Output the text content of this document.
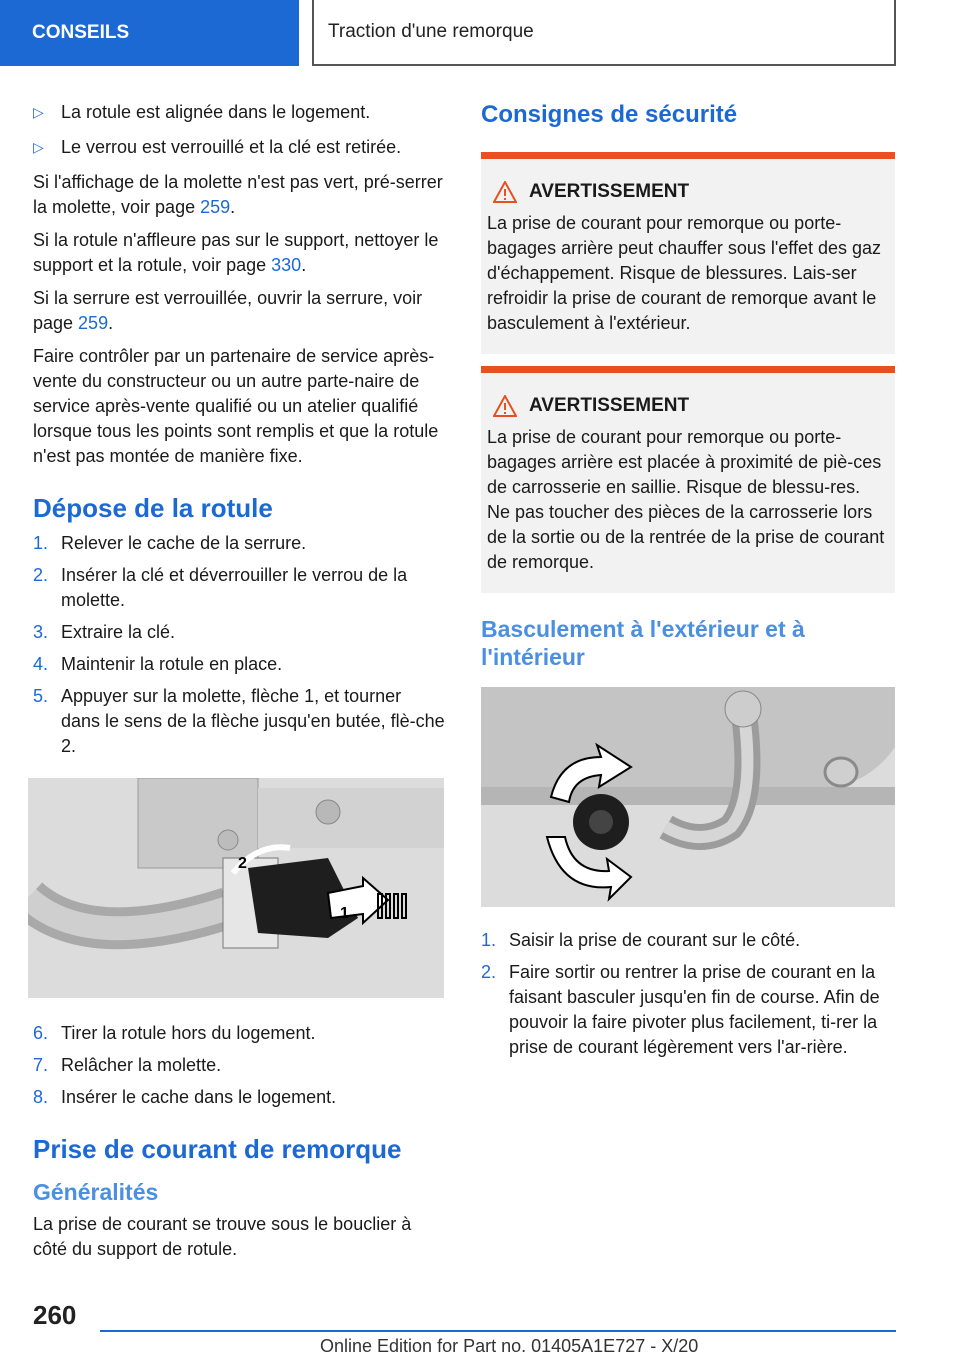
CONSEILS	Traction d'une remorque
▷ La rotule est alignée dans le logement.
▷ Le verrou est verrouillé et la clé est retirée.

Si l'affichage de la molette n'est pas vert, pré-serrer la molette, voir page 259.

Si la rotule n'affleure pas sur le support, nettoyer le support et la rotule, voir page 330.

Si la serrure est verrouillée, ouvrir la serrure, voir page 259.

Faire contrôler par un partenaire de service après-vente du constructeur ou un autre parte-naire de service après-vente qualifié ou un atelier qualifié lorsque tous les points sont remplis et que la rotule n'est pas montée de manière fixe.

Dépose de la rotule
1. Relever le cache de la serrure.
2. Insérer la clé et déverrouiller le verrou de la molette.
3. Extraire la clé.
4. Maintenir la rotule en place.
5. Appuyer sur la molette, flèche 1, et tourner dans le sens de la flèche jusqu'en butée, flè-che 2.
1
2
6. Tirer la rotule hors du logement.
7. Relâcher la molette.
8. Insérer le cache dans le logement.
Prise de courant de remorque
Généralités

La prise de courant se trouve sous le bouclier à côté du support de rotule.

Consignes de sécurité
AVERTISSEMENT

La prise de courant pour remorque ou porte-bagages arrière peut chauffer sous l'effet des gaz d'échappement. Risque de blessures. Lais-ser refroidir la prise de courant de remorque avant le basculement à l'extérieur.

AVERTISSEMENT

La prise de courant pour remorque ou porte-bagages arrière est placée à proximité de piè-ces de carrosserie en saillie. Risque de blessu-res. Ne pas toucher des pièces de la carrosserie lors de la sortie ou de la rentrée de la prise de courant de remorque.

Basculement à l'extérieur et à l'intérieur
1. Saisir la prise de courant sur le côté.
2. Faire sortir ou rentrer la prise de courant en la faisant basculer jusqu'en fin de course. Afin de pouvoir la faire pivoter plus facilement, ti-rer la prise de courant légèrement vers l'ar-rière.
260
Online Edition for Part no. 01405A1E727 - X/20
